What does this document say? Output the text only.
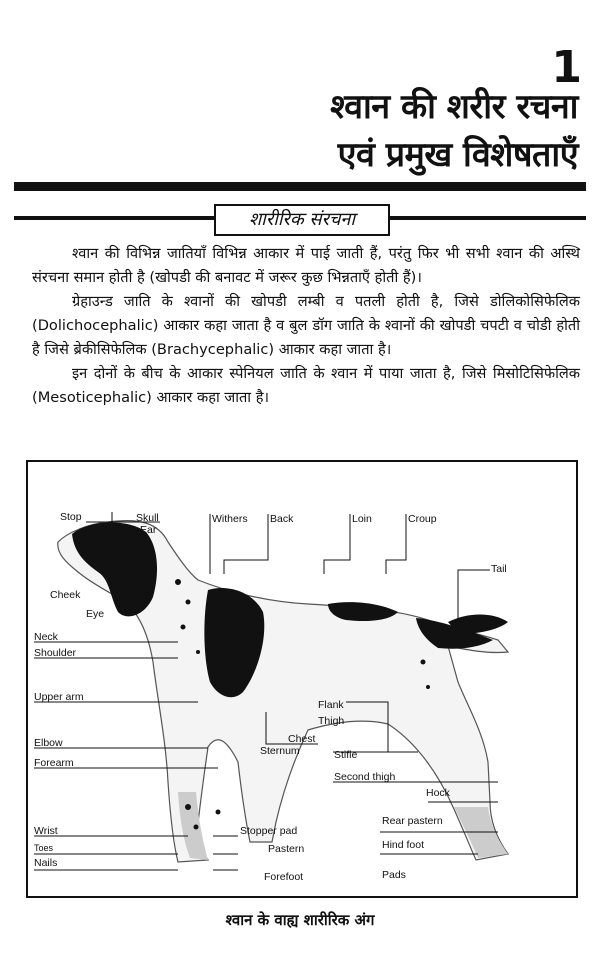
1
श्वान की शरीर रचना
एवं प्रमुख विशेषताएँ
शारीरिक संरचना

श्वान की विभिन्न जातियाँ विभिन्न आकार में पाई जाती हैं, परंतु फिर भी सभी श्वान की अस्थि संरचना समान होती है (खोपडी की बनावट में जरूर कुछ भिन्नताएँ होती हैं)।

ग्रेहाउन्ड जाति के श्वानों की खोपडी लम्बी व पतली होती है, जिसे डोलिकोसिफेलिक (Dolichocephalic) आकार कहा जाता है व बुल डॉग जाति के श्वानों की खोपडी चपटी व चोडी होती है जिसे ब्रेकीसिफेलिक (Brachycephalic) आकार कहा जाता है।

इन दोनों के बीच के आकार स्पेनियल जाति के श्वान में पाया जाता है, जिसे मिसोटिसिफेलिक (Mesoticephalic) आकार कहा जाता है।

Stop	Skull
Ear
Withers Back	Loin	Croup
Tail
Cheek
Eye
Neck
Shoulder
Upper arm
Flank
Thigh
Chest
Sternum
Elbow
Stifle
Forearm
Second thigh
Hock
Rear pastern
Wrist	Stopper pad
Toes	Pastern	Hind foot
Nails
Forefoot	Pads
श्वान के वाह्य शारीरिक अंग
